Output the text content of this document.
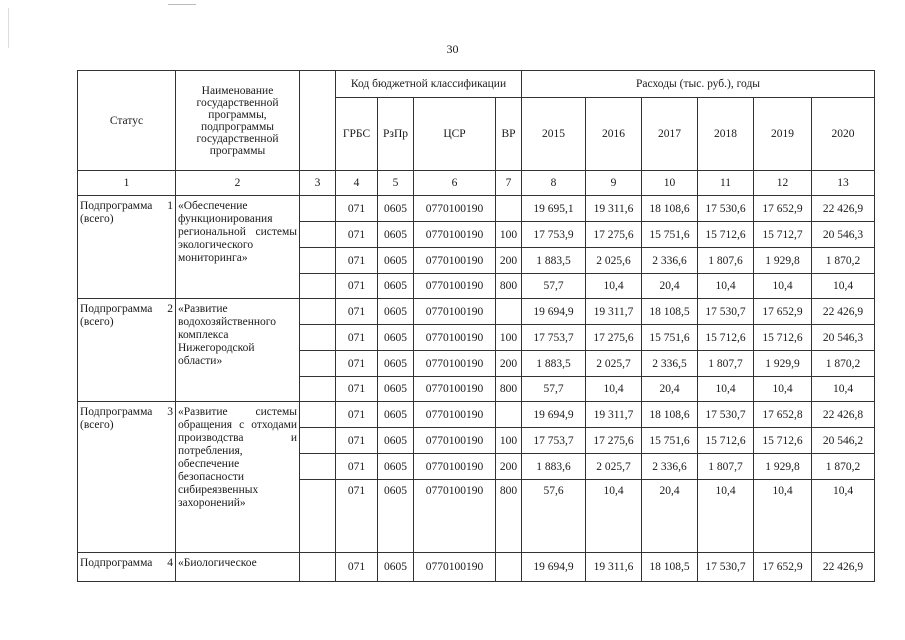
30
Статус	Наименование государственной программы, подпрограммы государственной программы		Код бюджетной классификации				Расходы (тыс. руб.), годы					
			ГРБС	РзПр	ЦСР	ВР	2015	2016	2017	2018	2019	2020
1	2	3	4	5	6	7	8	9	10	11	12	13

Подпрограмма 1
(всего)	«Обеспечение функционирования региональной системы экологического мониторинга»		071	0605	0770100190		19 695,1	19 311,6	18 108,6	17 530,6	17 652,9	22 426,9
			071	0605	0770100190	100	17 753,9	17 275,6	15 751,6	15 712,6	15 712,7	20 546,3
			071	0605	0770100190	200	1 883,5	2 025,6	2 336,6	1 807,6	1 929,8	1 870,2
			071	0605	0770100190	800	57,7	10,4	20,4	10,4	10,4	10,4

Подпрограмма 2
(всего)	«Развитие водохозяйственного комплекса Нижегородской области»		071	0605	0770100190		19 694,9	19 311,7	18 108,5	17 530,7	17 652,9	22 426,9
			071	0605	0770100190	100	17 753,7	17 275,6	15 751,6	15 712,6	15 712,6	20 546,3
			071	0605	0770100190	200	1 883,5	2 025,7	2 336,5	1 807,7	1 929,9	1 870,2
			071	0605	0770100190	800	57,7	10,4	20,4	10,4	10,4	10,4

Подпрограмма 3
(всего)	«Развитие системы обращения с отходами производства и потребления, обеспечение безопасности сибиреязвенных захоронений»		071	0605	0770100190		19 694,9	19 311,7	18 108,6	17 530,7	17 652,8	22 426,8
			071	0605	0770100190	100	17 753,7	17 275,6	15 751,6	15 712,6	15 712,6	20 546,2
			071	0605	0770100190	200	1 883,6	2 025,7	2 336,6	1 807,7	1 929,8	1 870,2
			071	0605	0770100190	800	57,6	10,4	20,4	10,4	10,4	10,4

Подпрограмма 4	«Биологическое		071	0605	0770100190		19 694,9	19 311,6	18 108,5	17 530,7	17 652,9	22 426,9
